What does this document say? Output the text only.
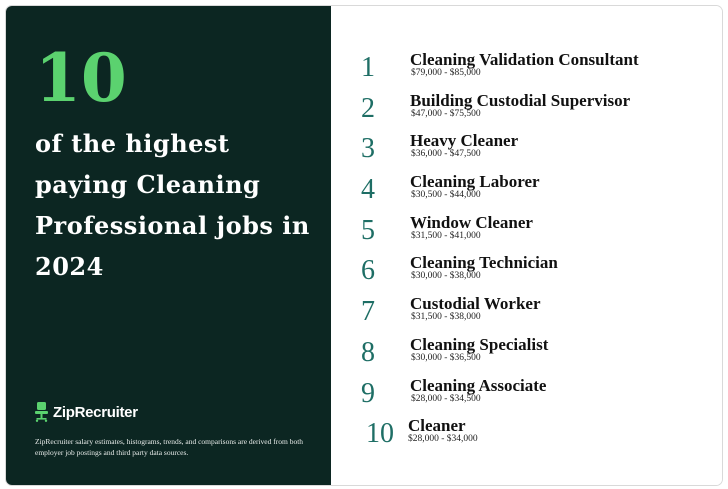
10
of the highest paying Cleaning Professional jobs in 2024
ZipRecruiter
ZipRecruiter salary estimates, histograms, trends, and comparisons are derived from both employer job postings and third party data sources.
1	Cleaning Validation Consultant
$79,000 - $85,000
2	Building Custodial Supervisor
$47,000 - $75,500
3	Heavy Cleaner
$36,000 - $47,500
4	Cleaning Laborer
$30,500 - $44,000
5	Window Cleaner
$31,500 - $41,000
6	Cleaning Technician
$30,000 - $38,000
7	Custodial Worker
$31,500 - $38,000
8	Cleaning Specialist
$30,000 - $36,500
9	Cleaning Associate
$28,000 - $34,500
10 Cleaner
$28,000 - $34,000
